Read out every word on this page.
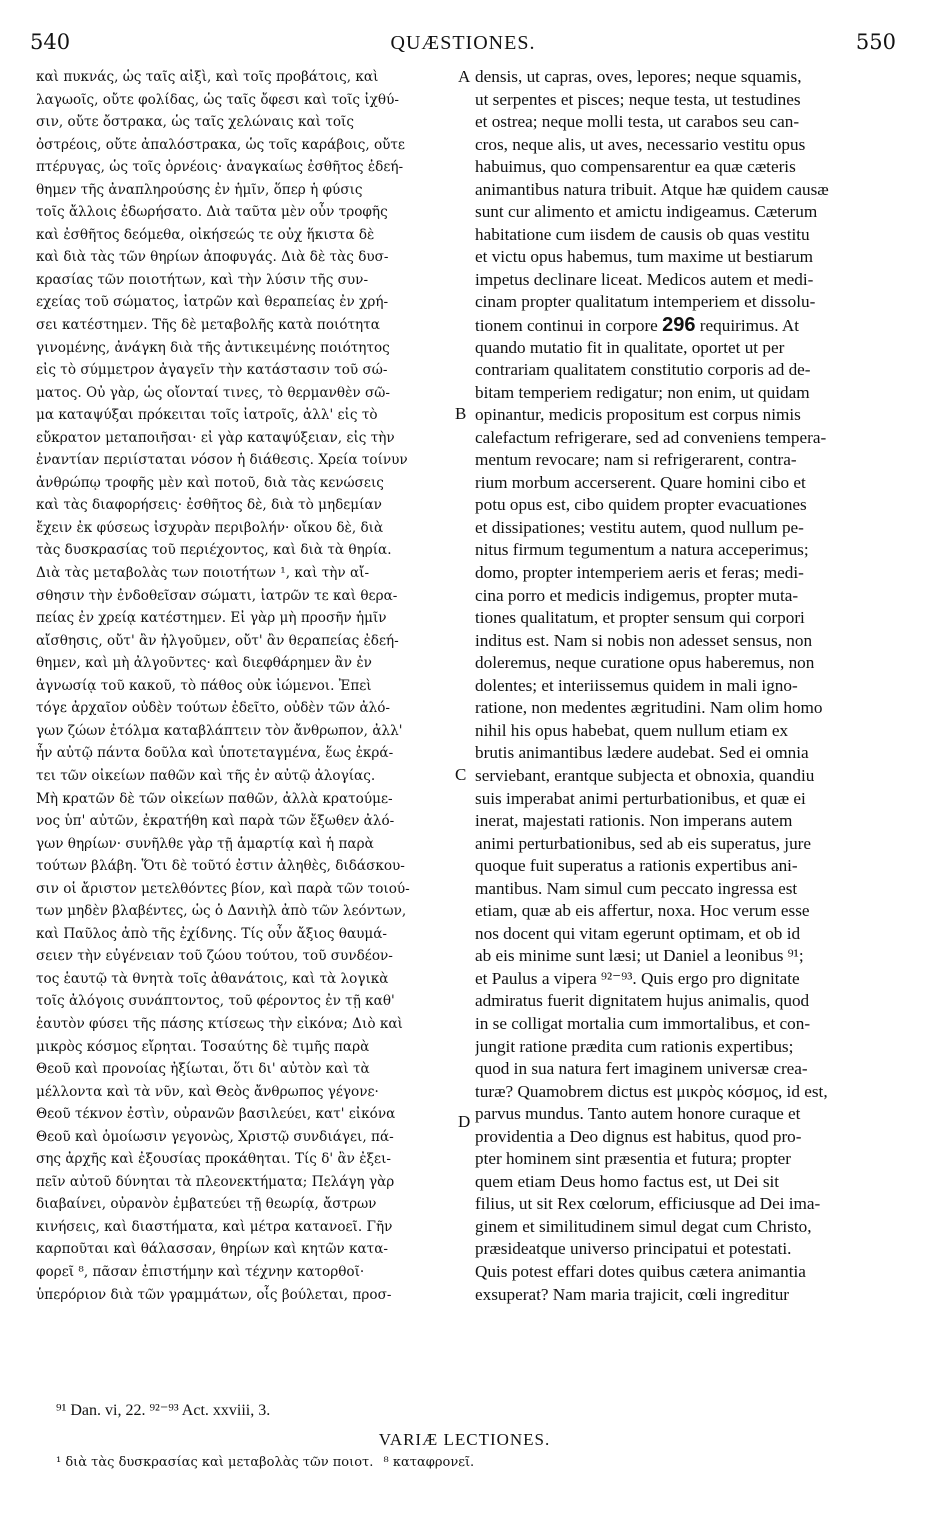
540	QUÆSTIONES.	550
καὶ πυκνάς, ὡς ταῖς αἰξὶ, καὶ τοῖς προβάτοις, καὶ
λαγωοῖς, οὔτε φολίδας, ὡς ταῖς ὄφεσι καὶ τοῖς ἰχθύ-
σιν, οὔτε ὄστρακα, ὡς ταῖς χελώναις καὶ τοῖς
ὀστρέοις, οὔτε ἀπαλόστρακα, ὡς τοῖς καράβοις, οὔτε
πτέρυγας, ὡς τοῖς ὀρνέοις· ἀναγκαίως ἐσθῆτος ἐδεή-
θημεν τῆς ἀναπληρούσης ἐν ἡμῖν, ὅπερ ἡ φύσις
τοῖς ἄλλοις ἐδωρήσατο. Διὰ ταῦτα μὲν οὖν τροφῆς
καὶ ἐσθῆτος δεόμεθα, οἰκήσεώς τε οὐχ ἥκιστα δὲ
καὶ διὰ τὰς τῶν θηρίων ἀποφυγάς. Διὰ δὲ τὰς δυσ-
κρασίας τῶν ποιοτήτων, καὶ τὴν λύσιν τῆς συν-
εχείας τοῦ σώματος, ἰατρῶν καὶ θεραπείας ἐν χρή-
σει κατέστημεν. Τῆς δὲ μεταβολῆς κατὰ ποιότητα
γινομένης, ἀνάγκη διὰ τῆς ἀντικειμένης ποιότητος
εἰς τὸ σύμμετρον ἀγαγεῖν τὴν κατάστασιν τοῦ σώ-
ματος. Οὐ γὰρ, ὡς οἴονταί τινες, τὸ θερμανθὲν σῶ-
μα καταψύξαι πρόκειται τοῖς ἰατροῖς, ἀλλ' εἰς τὸ
εὔκρατον μεταποιῆσαι· εἰ γὰρ καταψύξειαν, εἰς τὴν
ἐναντίαν περιίσταται νόσον ἡ διάθεσις. Χρεία τοίνυν
ἀνθρώπῳ τροφῆς μὲν καὶ ποτοῦ, διὰ τὰς κενώσεις
καὶ τὰς διαφορήσεις· ἐσθῆτος δὲ, διὰ τὸ μηδεμίαν
ἔχειν ἐκ φύσεως ἰσχυρὰν περιβολήν· οἴκου δὲ, διὰ
τὰς δυσκρασίας τοῦ περιέχοντος, καὶ διὰ τὰ θηρία.
Διὰ τὰς μεταβολὰς των ποιοτήτων ¹, καὶ τὴν αἴ-
σθησιν τὴν ἐνδοθεῖσαν σώματι, ἰατρῶν τε καὶ θερα-
πείας ἐν χρείᾳ κατέστημεν. Εἰ γὰρ μὴ προσῆν ἡμῖν
αἴσθησις, οὔτ' ἂν ἠλγοῦμεν, οὔτ' ἂν θεραπείας ἐδεή-
θημεν, καὶ μὴ ἀλγοῦντες· καὶ διεφθάρημεν ἂν ἐν
ἀγνωσίᾳ τοῦ κακοῦ, τὸ πάθος οὐκ ἰώμενοι. Ἐπεὶ
τόγε ἀρχαῖον οὐδὲν τούτων ἐδεῖτο, οὐδὲν τῶν ἀλό-
γων ζώων ἐτόλμα καταβλάπτειν τὸν ἄνθρωπον, ἀλλ'
ἦν αὐτῷ πάντα δοῦλα καὶ ὑποτεταγμένα, ἕως ἐκρά-
τει τῶν οἰκείων παθῶν καὶ τῆς ἐν αὐτῷ ἀλογίας.
Μὴ κρατῶν δὲ τῶν οἰκείων παθῶν, ἀλλὰ κρατούμε-
νος ὑπ' αὐτῶν, ἐκρατήθη καὶ παρὰ τῶν ἔξωθεν ἀλό-
γων θηρίων· συνῆλθε γὰρ τῇ ἁμαρτίᾳ καὶ ἡ παρὰ
τούτων βλάβη. Ὅτι δὲ τοῦτό ἐστιν ἀληθὲς, διδάσκου-
σιν οἱ ἄριστον μετελθόντες βίον, καὶ παρὰ τῶν τοιού-
των μηδὲν βλαβέντες, ὡς ὁ Δανιὴλ ἀπὸ τῶν λεόντων,
καὶ Παῦλος ἀπὸ τῆς ἐχίδνης. Τίς οὖν ἄξιος θαυμά-
σειεν τὴν εὐγένειαν τοῦ ζώου τούτου, τοῦ συνδέον-
τος ἑαυτῷ τὰ θνητὰ τοῖς ἀθανάτοις, καὶ τὰ λογικὰ
τοῖς ἀλόγοις συνάπτοντος, τοῦ φέροντος ἐν τῇ καθ'
ἑαυτὸν φύσει τῆς πάσης κτίσεως τὴν εἰκόνα; Διὸ καὶ
μικρὸς κόσμος εἴρηται. Τοσαύτης δὲ τιμῆς παρὰ
Θεοῦ καὶ προνοίας ἠξίωται, ὅτι δι' αὐτὸν καὶ τὰ
μέλλοντα καὶ τὰ νῦν, καὶ Θεὸς ἄνθρωπος γέγονε·
Θεοῦ τέκνον ἐστὶν, οὐρανῶν βασιλεύει, κατ' εἰκόνα
Θεοῦ καὶ ὁμοίωσιν γεγονὼς, Χριστῷ συνδιάγει, πά-
σης ἀρχῆς καὶ ἐξουσίας προκάθηται. Τίς δ' ἂν ἐξει-
πεῖν αὐτοῦ δύνηται τὰ πλεονεκτήματα; Πελάγη γὰρ
διαβαίνει, οὐρανὸν ἐμβατεύει τῇ θεωρίᾳ, ἄστρων
κινήσεις, καὶ διαστήματα, καὶ μέτρα κατανοεῖ. Γῆν
καρποῦται καὶ θάλασσαν, θηρίων καὶ κητῶν κατα-
φορεῖ ⁸, πᾶσαν ἐπιστήμην καὶ τέχνην κατορθοῖ·
ὑπερόριον διὰ τῶν γραμμάτων, οἷς βούλεται, προσ-
densis, ut capras, oves, lepores; neque squamis,
ut serpentes et pisces; neque testa, ut testudines
et ostrea; neque molli testa, ut carabos seu can-
cros, neque alis, ut aves, necessario vestitu opus
habuimus, quo compensarentur ea quæ cæteris
animantibus natura tribuit. Atque hæ quidem causæ
sunt cur alimento et amictu indigeamus. Cæterum
habitatione cum iisdem de causis ob quas vestitu
et victu opus habemus, tum maxime ut bestiarum
impetus declinare liceat. Medicos autem et medi-
cinam propter qualitatum intemperiem et dissolu-
tionem continui in corpore 296 requirimus. At
quando mutatio fit in qualitate, oportet ut per
contrariam qualitatem constitutio corporis ad de-
bitam temperiem redigatur; non enim, ut quidam
opinantur, medicis propositum est corpus nimis
calefactum refrigerare, sed ad conveniens tempera-
mentum revocare; nam si refrigerarent, contra-
rium morbum accerserent. Quare homini cibo et
potu opus est, cibo quidem propter evacuationes
et dissipationes; vestitu autem, quod nullum pe-
nitus firmum tegumentum a natura acceperimus;
domo, propter intemperiem aeris et feras; medi-
cina porro et medicis indigemus, propter muta-
tiones qualitatum, et propter sensum qui corpori
inditus est. Nam si nobis non adesset sensus, non
doleremus, neque curatione opus haberemus, non
dolentes; et interiissemus quidem in mali igno-
ratione, non medentes ægritudini. Nam olim homo
nihil his opus habebat, quem nullum etiam ex
brutis animantibus lædere audebat. Sed ei omnia
serviebant, erantque subjecta et obnoxia, quandiu
suis imperabat animi perturbationibus, et quæ ei
inerat, majestati rationis. Non imperans autem
animi perturbationibus, sed ab eis superatus, jure
quoque fuit superatus a rationis expertibus ani-
mantibus. Nam simul cum peccato ingressa est
etiam, quæ ab eis affertur, noxa. Hoc verum esse
nos docent qui vitam egerunt optimam, et ob id
ab eis minime sunt læsi; ut Daniel a leonibus ⁹¹;
et Paulus a vipera ⁹²⁻⁹³. Quis ergo pro dignitate
admiratus fuerit dignitatem hujus animalis, quod
in se colligat mortalia cum immortalibus, et con-
jungit ratione prædita cum rationis expertibus;
quod in sua natura fert imaginem universæ crea-
turæ? Quamobrem dictus est μικρὸς κόσμος, id est,
parvus mundus. Tanto autem honore curaque et
providentia a Deo dignus est habitus, quod pro-
pter hominem sint præsentia et futura; propter
quem etiam Deus homo factus est, ut Dei sit
filius, ut sit Rex cœlorum, efficiusque ad Dei ima-
ginem et similitudinem simul degat cum Christo,
præsideatque universo principatui et potestati.
Quis potest effari dotes quibus cætera animantia
exsuperat? Nam maria trajicit, cœli ingreditur
A
B
C
D
⁹¹ Dan. vi, 22. ⁹²⁻⁹³ Act. xxviii, 3.
VARIÆ LECTIONES.
¹ διὰ τὰς δυσκρασίας καὶ μεταβολὰς τῶν ποιοτ. ⁸ καταφρονεῖ.
